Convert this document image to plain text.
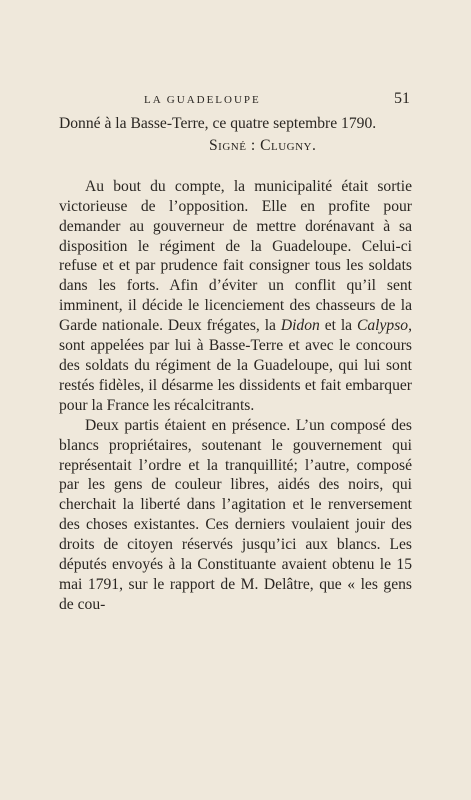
LA GUADELOUPE	51

Donné à la Basse-Terre, ce quatre septembre 1790.

Signé : Clugny.

Au bout du compte, la municipalité était sortie victorieuse de l’opposition. Elle en profite pour demander au gouverneur de mettre dorénavant à sa disposition le régiment de la Guadeloupe. Celui-ci refuse et et par prudence fait consigner tous les soldats dans les forts. Afin d’éviter un conflit qu’il sent imminent, il décide le licenciement des chasseurs de la Garde nationale. Deux frégates, la Didon et la Calypso, sont appelées par lui à Basse-Terre et avec le concours des soldats du régiment de la Guadeloupe, qui lui sont restés fidèles, il désarme les dissidents et fait embarquer pour la France les récalcitrants.

Deux partis étaient en présence. L’un composé des blancs propriétaires, soutenant le gouvernement qui représentait l’ordre et la tranquillité; l’autre, composé par les gens de couleur libres, aidés des noirs, qui cherchait la liberté dans l’agitation et le renversement des choses existantes. Ces derniers voulaient jouir des droits de citoyen réservés jusqu’ici aux blancs. Les députés envoyés à la Constituante avaient obtenu le 15 mai 1791, sur le rapport de M. Delâtre, que « les gens de cou-
